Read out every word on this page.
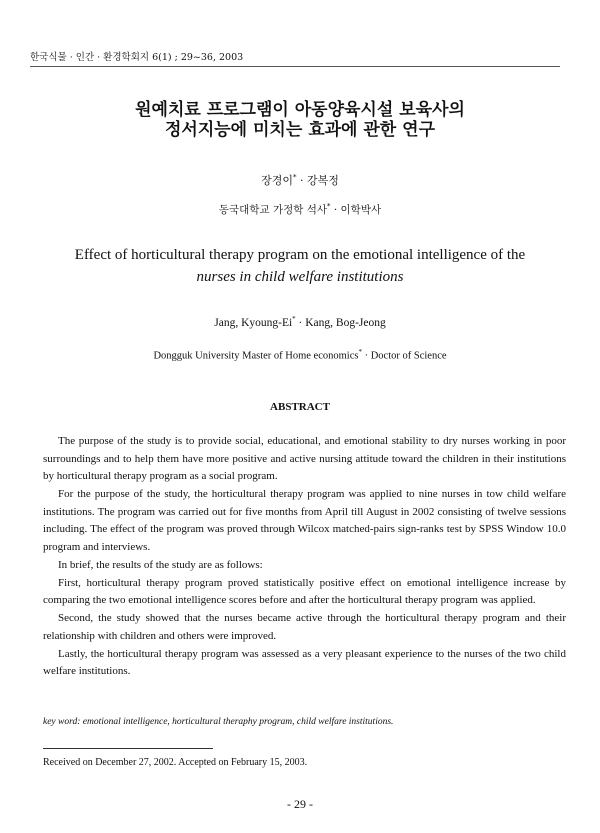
한국식물 · 인간 · 환경학회지 6(1) ; 29~36, 2003
원예치료 프로그램이 아동양육시설 보육사의
정서지능에 미치는 효과에 관한 연구
장경이* · 강복정
동국대학교 가정학 석사* · 이학박사
Effect of horticultural therapy program on the emotional intelligence of the
nurses in child welfare institutions
Jang, Kyoung-Ei* · Kang, Bog-Jeong
Dongguk University Master of Home economics* · Doctor of Science
ABSTRACT

The purpose of the study is to provide social, educational, and emotional stability to dry nurses working in poor surroundings and to help them have more positive and active nursing attitude toward the children in their institutions by horticultural therapy program as a social program.

For the purpose of the study, the horticultural therapy program was applied to nine nurses in tow child welfare institutions. The program was carried out for five months from April till August in 2002 consisting of twelve sessions including. The effect of the program was proved through Wilcox matched-pairs sign-ranks test by SPSS Window 10.0 program and interviews.

In brief, the results of the study are as follows:

First, horticultural therapy program proved statistically positive effect on emotional intelligence increase by comparing the two emotional intelligence scores before and after the horticultural therapy program was applied.

Second, the study showed that the nurses became active through the horticultural therapy program and their relationship with children and others were improved.

Lastly, the horticultural therapy program was assessed as a very pleasant experience to the nurses of the two child welfare institutions.

key word: emotional intelligence, horticultural theraphy program, child welfare institutions.
Received on December 27, 2002. Accepted on February 15, 2003.
- 29 -
